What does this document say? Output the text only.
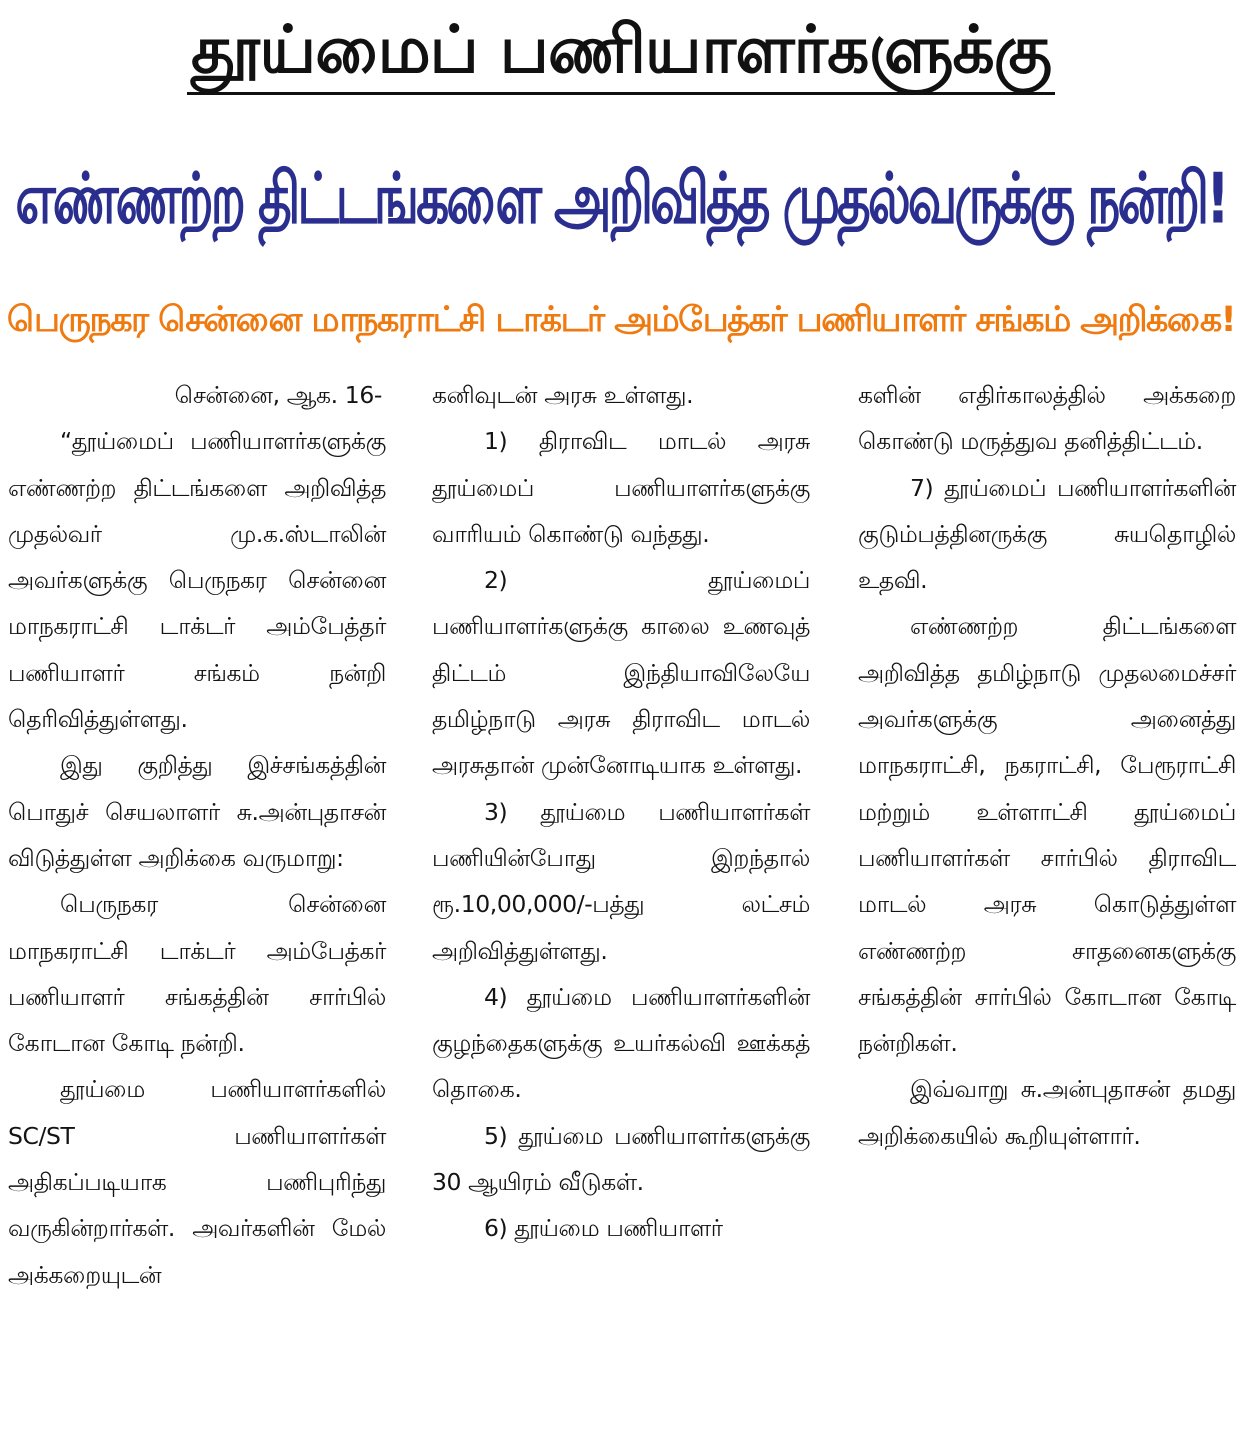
தூய்மைப் பணியாளர்களுக்கு
எண்ணற்ற திட்டங்களை அறிவித்த முதல்வருக்கு நன்றி!
பெருநகர சென்னை மாநகராட்சி டாக்டர் அம்பேத்கர் பணியாளர் சங்கம் அறிக்கை!

சென்னை, ஆக. 16-

“தூய்மைப் பணியாளர்களுக்கு எண்ணற்ற திட்டங்களை அறிவித்த முதல்வர் மு.க.ஸ்டாலின் அவர்களுக்கு பெருநகர சென்னை மாநகராட்சி டாக்டர் அம்பேத்தர் பணியாளர் சங்கம் நன்றி தெரிவித்துள்ளது.

இது குறித்து இச்சங்கத்தின் பொதுச் செயலாளர் சு.அன்புதாசன் விடுத்துள்ள அறிக்கை வருமாறு:

பெருநகர சென்னை மாநகராட்சி டாக்டர் அம்பேத்கர் பணியாளர் சங்கத்தின் சார்பில் கோடான கோடி நன்றி.

தூய்மை பணியாளர்களில் SC/ST பணியாளர்கள் அதிகப்படியாக பணிபுரிந்து வருகின்றார்கள். அவர்களின் மேல் அக்கறையுடன்

கனிவுடன் அரசு உள்ளது.

1) திராவிட மாடல் அரசு தூய்மைப் பணியாளர்களுக்கு வாரியம் கொண்டு வந்தது.

2) தூய்மைப் பணியாளர்களுக்கு காலை உணவுத் திட்டம் இந்தியாவிலேயே தமிழ்நாடு அரசு திராவிட மாடல் அரசுதான் முன்னோடியாக உள்ளது.

3) தூய்மை பணியாளர்கள் பணியின்போது இறந்தால் ரூ.10,00,000/-பத்து லட்சம் அறிவித்துள்ளது.

4) தூய்மை பணியாளர்களின் குழந்தைகளுக்கு உயர்கல்வி ஊக்கத் தொகை.

5) தூய்மை பணியாளர்களுக்கு 30 ஆயிரம் வீடுகள்.

6) தூய்மை பணியாளர்

களின் எதிர்காலத்தில் அக்கறை கொண்டு மருத்துவ தனித்திட்டம்.

7) தூய்மைப் பணியாளர்களின் குடும்பத்தினருக்கு சுயதொழில் உதவி.

எண்ணற்ற திட்டங்களை அறிவித்த தமிழ்நாடு முதலமைச்சர் அவர்களுக்கு அனைத்து மாநகராட்சி, நகராட்சி, பேரூராட்சி மற்றும் உள்ளாட்சி தூய்மைப் பணியாளர்கள் சார்பில் திராவிட மாடல் அரசு கொடுத்துள்ள எண்ணற்ற சாதனைகளுக்கு சங்கத்தின் சார்பில் கோடான கோடி நன்றிகள்.

இவ்வாறு சு.அன்புதாசன் தமது அறிக்கையில் கூறியுள்ளார்.
